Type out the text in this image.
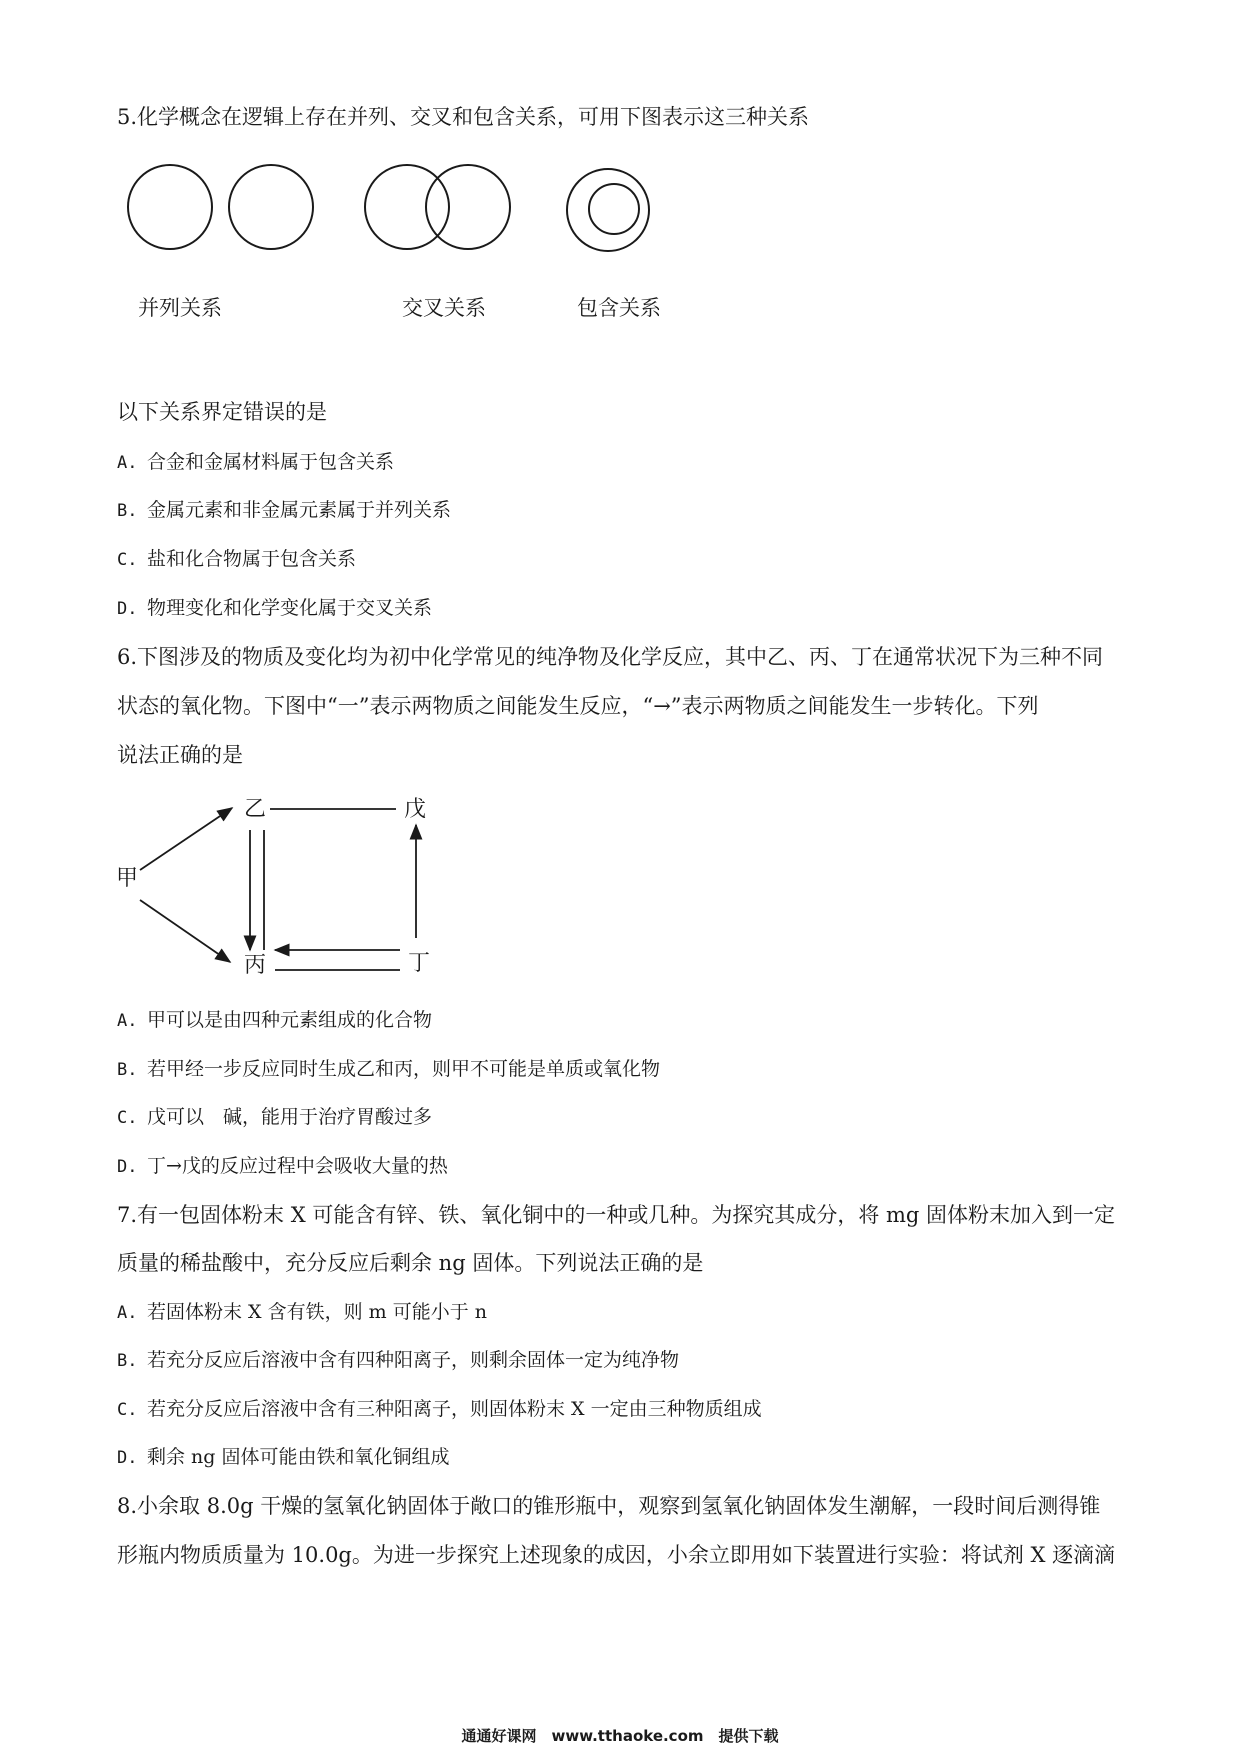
5.化学概念在逻辑上存在并列、交叉和包含关系，可用下图表示这三种关系
并列关系	交叉关系	包含关系
以下关系界定错误的是
A. 合金和金属材料属于包含关系
B. 金属元素和非金属元素属于并列关系
C. 盐和化合物属于包含关系
D. 物理变化和化学变化属于交叉关系
6.下图涉及的物质及变化均为初中化学常见的纯净物及化学反应，其中乙、丙、丁在通常状况下为三种不同
状态的氧化物。下图中“一”表示两物质之间能发生反应，“→”表示两物质之间能发生一步转化。下列
说法正确的是
甲
乙	戊
丙	丁
A. 甲可以是由四种元素组成的化合物
B. 若甲经一步反应同时生成乙和丙，则甲不可能是单质或氧化物
C. 戊可以　碱，能用于治疗胃酸过多
D. 丁→戊的反应过程中会吸收大量的热
7.有一包固体粉末 X 可能含有锌、铁、氧化铜中的一种或几种。为探究其成分，将 mg 固体粉末加入到一定
质量的稀盐酸中，充分反应后剩余 ng 固体。下列说法正确的是
A. 若固体粉末 X 含有铁，则 m 可能小于 n
B. 若充分反应后溶液中含有四种阳离子，则剩余固体一定为纯净物
C. 若充分反应后溶液中含有三种阳离子，则固体粉末 X 一定由三种物质组成
D. 剩余 ng 固体可能由铁和氧化铜组成
8.小余取 8.0g 干燥的氢氧化钠固体于敞口的锥形瓶中，观察到氢氧化钠固体发生潮解，一段时间后测得锥
形瓶内物质质量为 10.0g。为进一步探究上述现象的成因，小余立即用如下装置进行实验：将试剂 X 逐滴滴
通通好课网　www.tthaoke.com　提供下载
